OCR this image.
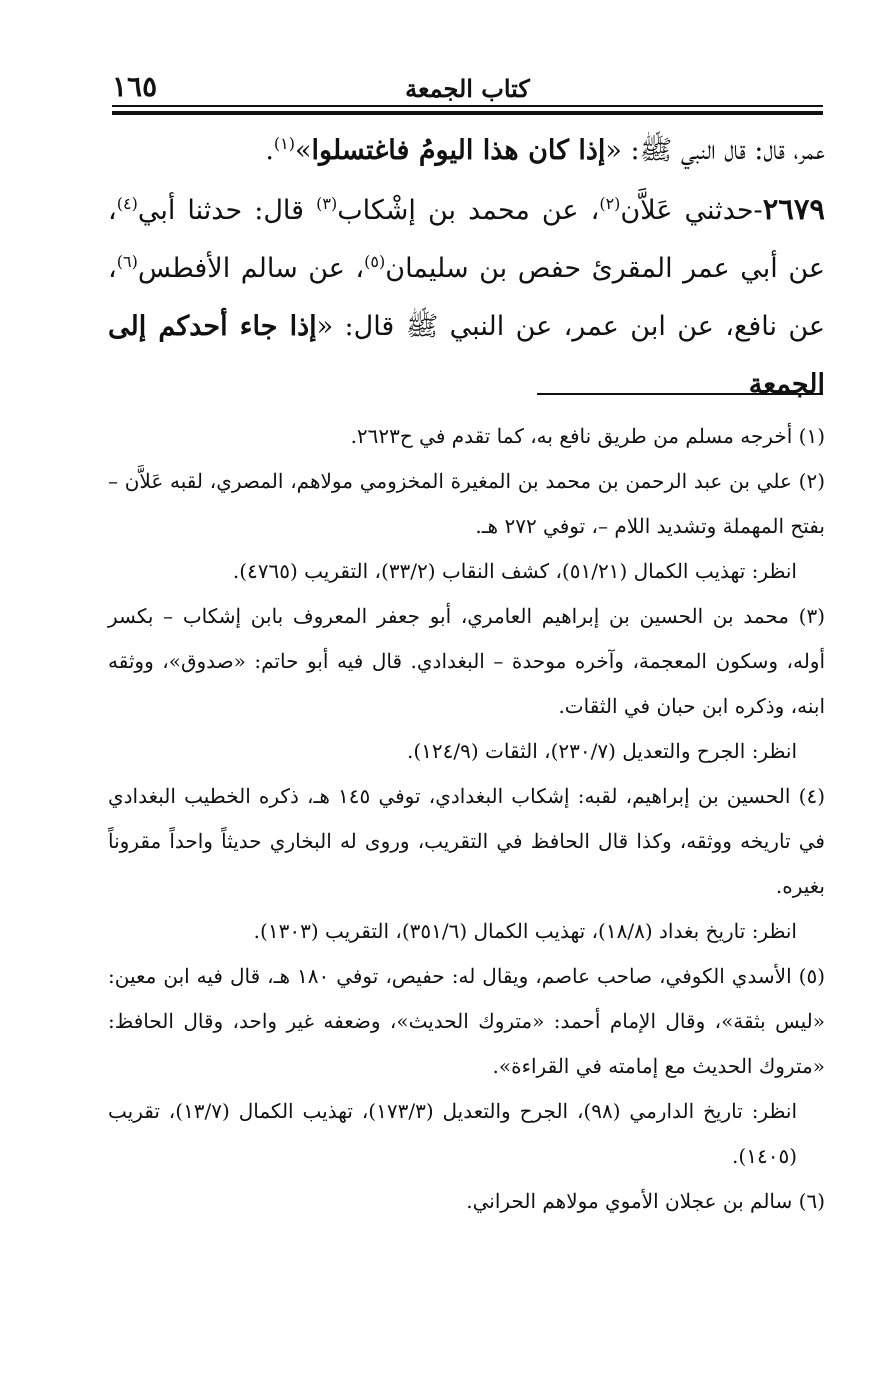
كتاب الجمعة
١٦٥

عمر، قال: قال النبي ﷺ: «إذا كان هذا اليومُ فاغتسلوا»$^{(١)}$.

٢٦٧٩-حدثني عَلاَّن$^{(٢)}$، عن محمد بن إشْكاب$^{(٣)}$ قال: حدثنا أبي$^{(٤)}$، عن أبي عمر المقرئ حفص بن سليمان$^{(٥)}$، عن سالم الأفطس$^{(٦)}$، عن نافع، عن ابن عمر، عن النبي ﷺ قال: «إذا جاء أحدكم إلى الجمعة

(١) أخرجه مسلم من طريق نافع به، كما تقدم في ح٢٦٢٣.

(٢) علي بن عبد الرحمن بن محمد بن المغيرة المخزومي مولاهم، المصري، لقبه عَلاَّن – بفتح المهملة وتشديد اللام –، توفي ٢٧٢ هـ.

انظر: تهذيب الكمال (٥١/٢١)، كشف النقاب (٣٣/٢)، التقريب (٤٧٦٥).

(٣) محمد بن الحسين بن إبراهيم العامري، أبو جعفر المعروف بابن إشكاب – بكسر أوله، وسكون المعجمة، وآخره موحدة – البغدادي. قال فيه أبو حاتم: «صدوق»، ووثقه ابنه، وذكره ابن حبان في الثقات.

انظر: الجرح والتعديل (٢٣٠/٧)، الثقات (١٢٤/٩).

(٤) الحسين بن إبراهيم، لقبه: إشكاب البغدادي، توفي ١٤٥ هـ، ذكره الخطيب البغدادي في تاريخه ووثقه، وكذا قال الحافظ في التقريب، وروى له البخاري حديثاً واحداً مقروناً بغيره.

انظر: تاريخ بغداد (١٨/٨)، تهذيب الكمال (٣٥١/٦)، التقريب (١٣٠٣).

(٥) الأسدي الكوفي، صاحب عاصم، ويقال له: حفيص، توفي ١٨٠ هـ، قال فيه ابن معين: «ليس بثقة»، وقال الإمام أحمد: «متروك الحديث»، وضعفه غير واحد، وقال الحافظ: «متروك الحديث مع إمامته في القراءة».

انظر: تاريخ الدارمي (٩٨)، الجرح والتعديل (١٧٣/٣)، تهذيب الكمال (١٣/٧)، تقريب (١٤٠٥).

(٦) سالم بن عجلان الأموي مولاهم الحراني.
